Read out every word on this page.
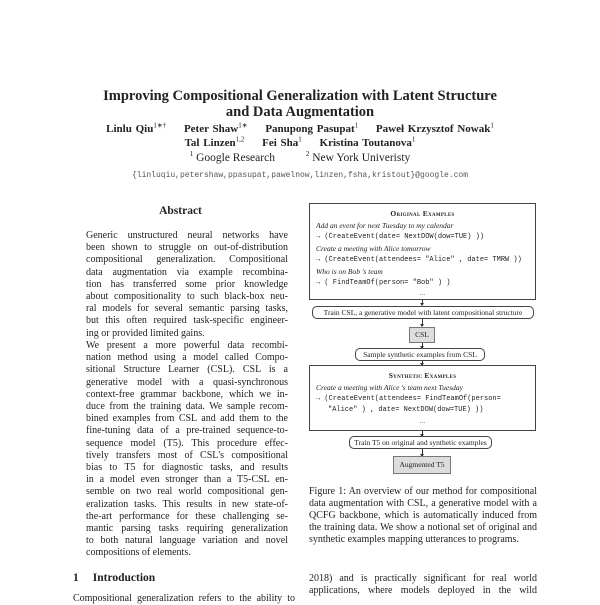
Improving Compositional Generalization with Latent Structure
and Data Augmentation
Linlu Qiu$^{1∗\dagger}$ Peter Shaw$^{1∗}$ Panupong Pasupat$^1$ Paweł Krzysztof Nowak$^1$
Tal Linzen$^{1,2}$ Fei Sha$^1$ Kristina Toutanova$^1$
$^1$ Google Research	$^2$ New York Univeristy
{linluqiu,petershaw,ppasupat,pawelnow,linzen,fsha,kristout}@google.com
Abstract
Generic unstructured neural networks have
been shown to struggle on out-of-distribution
compositional generalization. Compositional
data augmentation via example recombina-
tion has transferred some prior knowledge
about compositionality to such black-box neu-
ral models for several semantic parsing tasks,
but this often required task-specific engineer-
ing or provided limited gains.
We present a more powerful data recombi-
nation method using a model called Compo-
sitional Structure Learner (CSL). CSL is a
generative model with a quasi-synchronous
context-free grammar backbone, which we in-
duce from the training data. We sample recom-
bined examples from CSL and add them to the
fine-tuning data of a pre-trained sequence-to-
sequence model (T5). This procedure effec-
tively transfers most of CSL's compositional
bias to T5 for diagnostic tasks, and results
in a model even stronger than a T5-CSL en-
semble on two real world compositional gen-
eralization tasks. This results in new state-of-
the-art performance for these challenging se-
mantic parsing tasks requiring generalization
to both natural language variation and novel
compositions of elements.
1 Introduction
Compositional generalization refers to the ability to
Original Examples
Add an event for next Tuesday to my calendar
→ (CreateEvent(date= NextDOW(dow=TUE) ))
Create a meeting with Alice tomorrow
→ (CreateEvent(attendees= "Alice" , date= TMRW ))
Who is on Bob 's team
→ ( FindTeamOf(person= "Bob" ) )
...
Train CSL, a generative model with latent compositional structure
CSL
Sample synthetic examples from CSL
Synthetic Examples
Create a meeting with Alice 's team next Tuesday
→ (CreateEvent(attendees= FindTeamOf(person=
"Alice" ) , date= NextDOW(dow=TUE) ))
...
Train T5 on original and synthetic examples
Augmented T5
Figure 1: An overview of our method for compositional
data augmentation with CSL, a generative model with a
QCFG backbone, which is automatically induced from
the training data. We show a notional set of original and
synthetic examples mapping utterances to programs.
2018) and is practically significant for real world
applications, where models deployed in the wild
